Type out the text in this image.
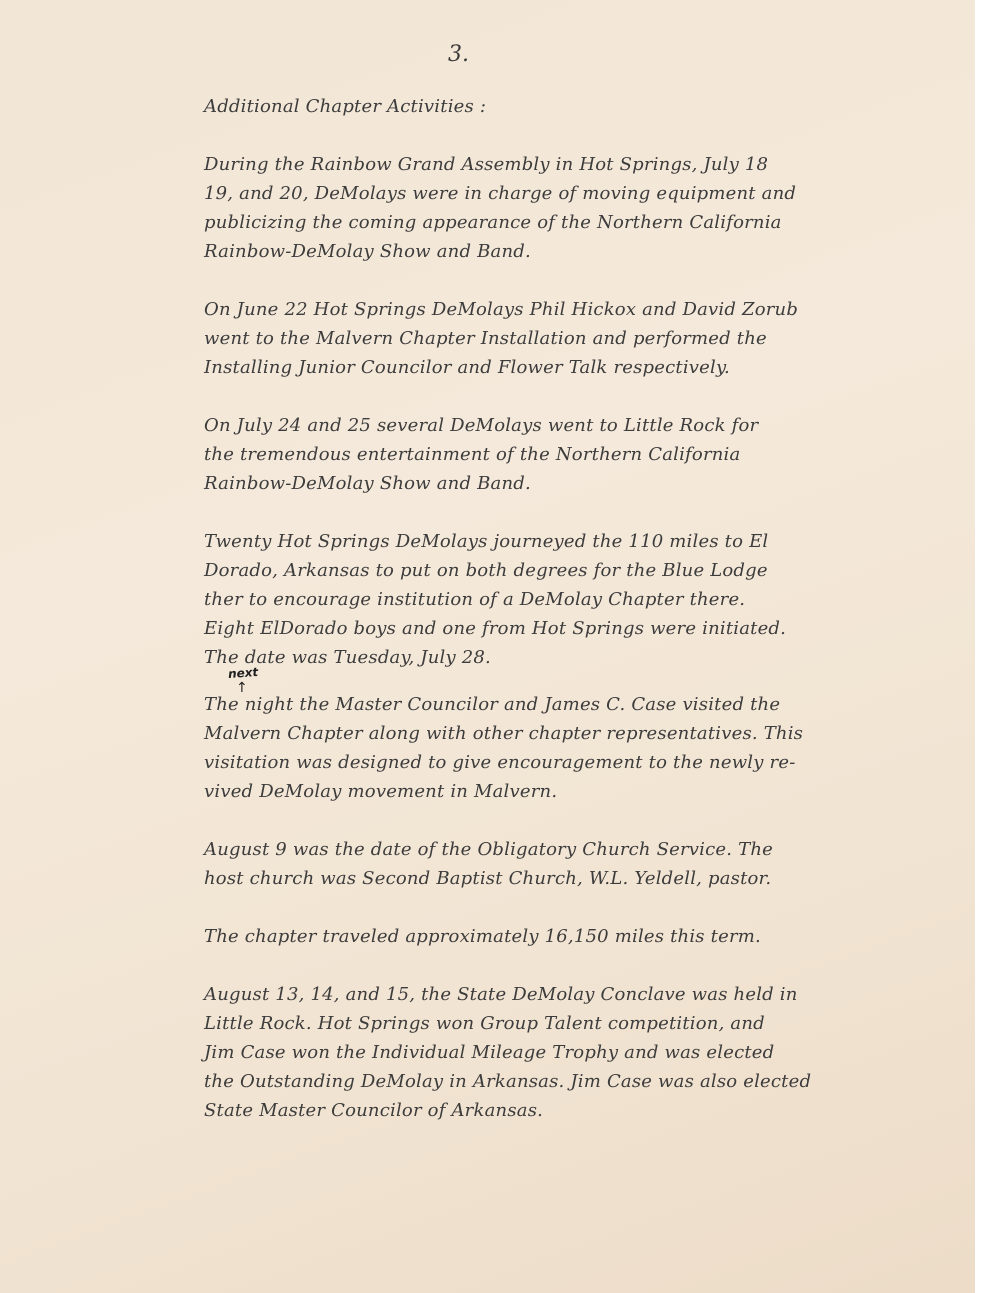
3.
next
↑
Additional Chapter Activities :
During the Rainbow Grand Assembly in Hot Springs, July 18
19, and 20, DeMolays were in charge of moving equipment and
publicizing the coming appearance of the Northern California
Rainbow-DeMolay Show and Band.
On June 22 Hot Springs DeMolays Phil Hickox and David Zorub
went to the Malvern Chapter Installation and performed the
Installing Junior Councilor and Flower Talk respectively.
On July 24 and 25 several DeMolays went to Little Rock for
the tremendous entertainment of the Northern California
Rainbow-DeMolay Show and Band.
Twenty Hot Springs DeMolays journeyed the 110 miles to El
Dorado, Arkansas to put on both degrees for the Blue Lodge
ther to encourage institution of a DeMolay Chapter there.
Eight ElDorado boys and one from Hot Springs were initiated.
The date was Tuesday, July 28.
The night the Master Councilor and James C. Case visited the
Malvern Chapter along with other chapter representatives. This
visitation was designed to give encouragement to the newly re-
vived DeMolay movement in Malvern.
August 9 was the date of the Obligatory Church Service. The
host church was Second Baptist Church, W.L. Yeldell, pastor.
The chapter traveled approximately 16,150 miles this term.
August 13, 14, and 15, the State DeMolay Conclave was held in
Little Rock. Hot Springs won Group Talent competition, and
Jim Case won the Individual Mileage Trophy and was elected
the Outstanding DeMolay in Arkansas. Jim Case was also elected
State Master Councilor of Arkansas.
